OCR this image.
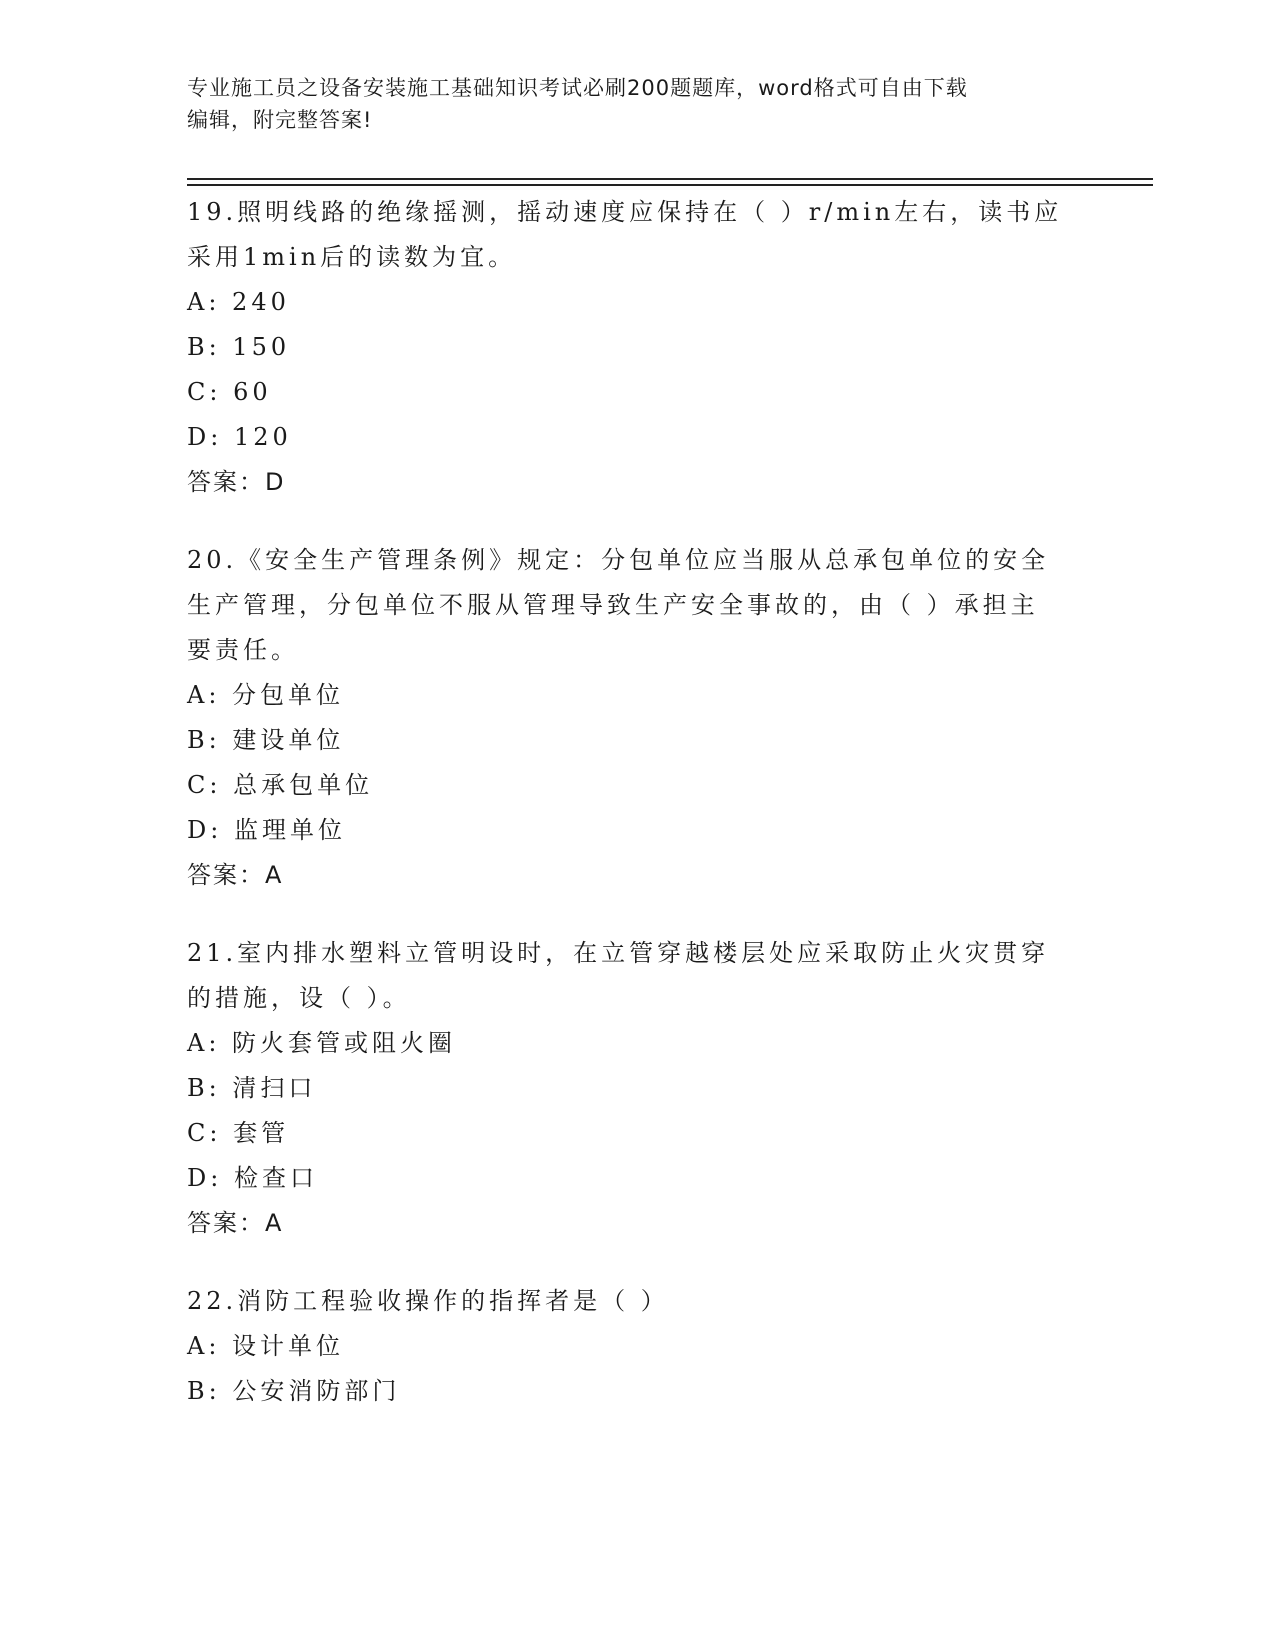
专业施工员之设备安装施工基础知识考试必刷200题题库，word格式可自由下载
编辑，附完整答案!
19.照明线路的绝缘摇测，摇动速度应保持在（ ）r/min左右，读书应
采用1min后的读数为宜。
A: 240
B: 150
C: 60
D: 120
答案：D
20.《安全生产管理条例》规定：分包单位应当服从总承包单位的安全
生产管理，分包单位不服从管理导致生产安全事故的，由（ ）承担主
要责任。
A: 分包单位
B: 建设单位
C: 总承包单位
D: 监理单位
答案：A
21.室内排水塑料立管明设时，在立管穿越楼层处应采取防止火灾贯穿
的措施，设（ ）。
A: 防火套管或阻火圈
B: 清扫口
C: 套管
D: 检查口
答案：A
22.消防工程验收操作的指挥者是（ ）
A: 设计单位
B: 公安消防部门
